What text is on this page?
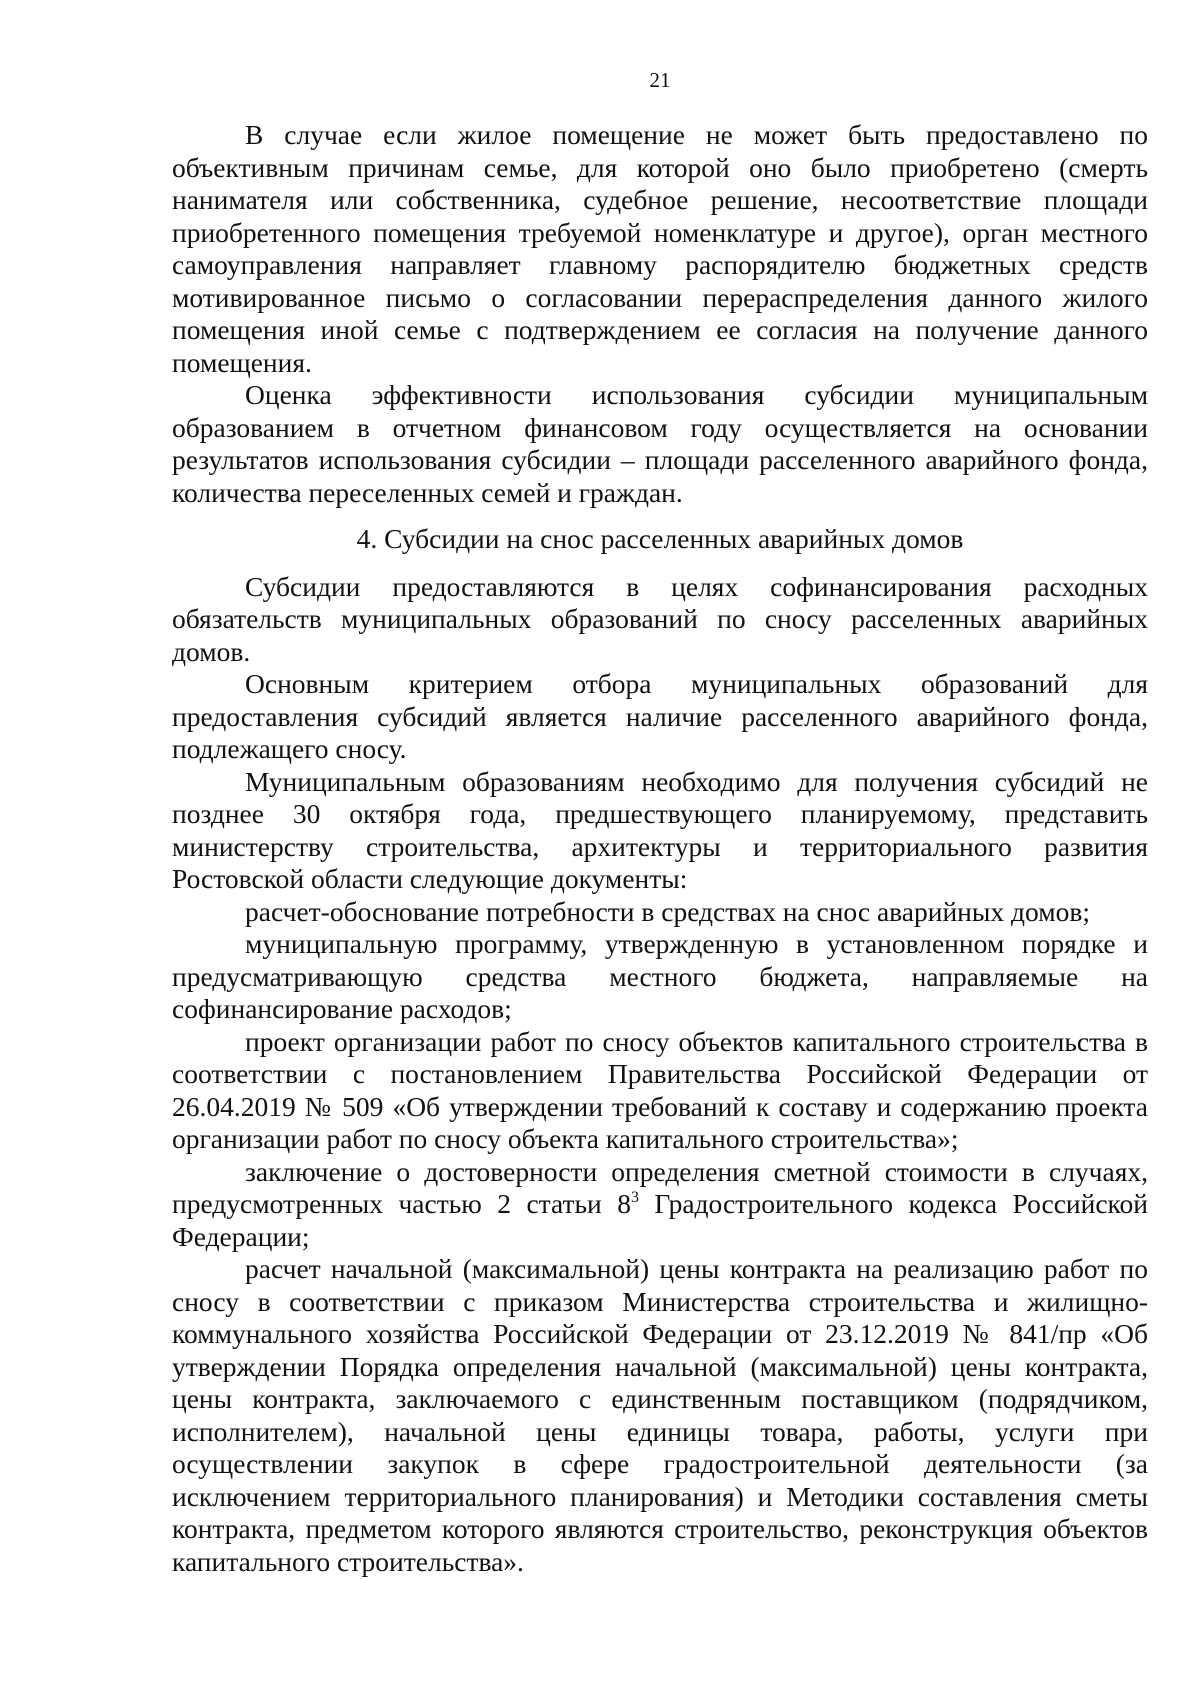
21

В случае если жилое помещение не может быть предоставлено по объективным причинам семье, для которой оно было приобретено (смерть нанимателя или собственника, судебное решение, несоответствие площади приобретенного помещения требуемой номенклатуре и другое), орган местного самоуправления направляет главному распорядителю бюджетных средств мотивированное письмо о согласовании перераспределения данного жилого помещения иной семье с подтверждением ее согласия на получение данного помещения.

Оценка эффективности использования субсидии муниципальным образованием в отчетном финансовом году осуществляется на основании результатов использования субсидии – площади расселенного аварийного фонда, количества переселенных семей и граждан.

4. Субсидии на снос расселенных аварийных домов

Субсидии предоставляются в целях софинансирования расходных обязательств муниципальных образований по сносу расселенных аварийных домов.

Основным критерием отбора муниципальных образований для предоставления субсидий является наличие расселенного аварийного фонда, подлежащего сносу.

Муниципальным образованиям необходимо для получения субсидий не позднее 30 октября года, предшествующего планируемому, представить министерству строительства, архитектуры и территориального развития Ростовской области следующие документы:

расчет-обоснование потребности в средствах на снос аварийных домов;

муниципальную программу, утвержденную в установленном порядке и предусматривающую средства местного бюджета, направляемые на софинансирование расходов;

проект организации работ по сносу объектов капитального строительства в соответствии с постановлением Правительства Российской Федерации от 26.04.2019 № 509 «Об утверждении требований к составу и содержанию проекта организации работ по сносу объекта капитального строительства»;

заключение о достоверности определения сметной стоимости в случаях, предусмотренных частью 2 статьи $8^3$ Градостроительного кодекса Российской Федерации;

расчет начальной (максимальной) цены контракта на реализацию работ по сносу в соответствии с приказом Министерства строительства и жилищно-коммунального хозяйства Российской Федерации от 23.12.2019 № 841/пр «Об утверждении Порядка определения начальной (максимальной) цены контракта, цены контракта, заключаемого с единственным поставщиком (подрядчиком, исполнителем), начальной цены единицы товара, работы, услуги при осуществлении закупок в сфере градостроительной деятельности (за исключением территориального планирования) и Методики составления сметы контракта, предметом которого являются строительство, реконструкция объектов капитального строительства».
